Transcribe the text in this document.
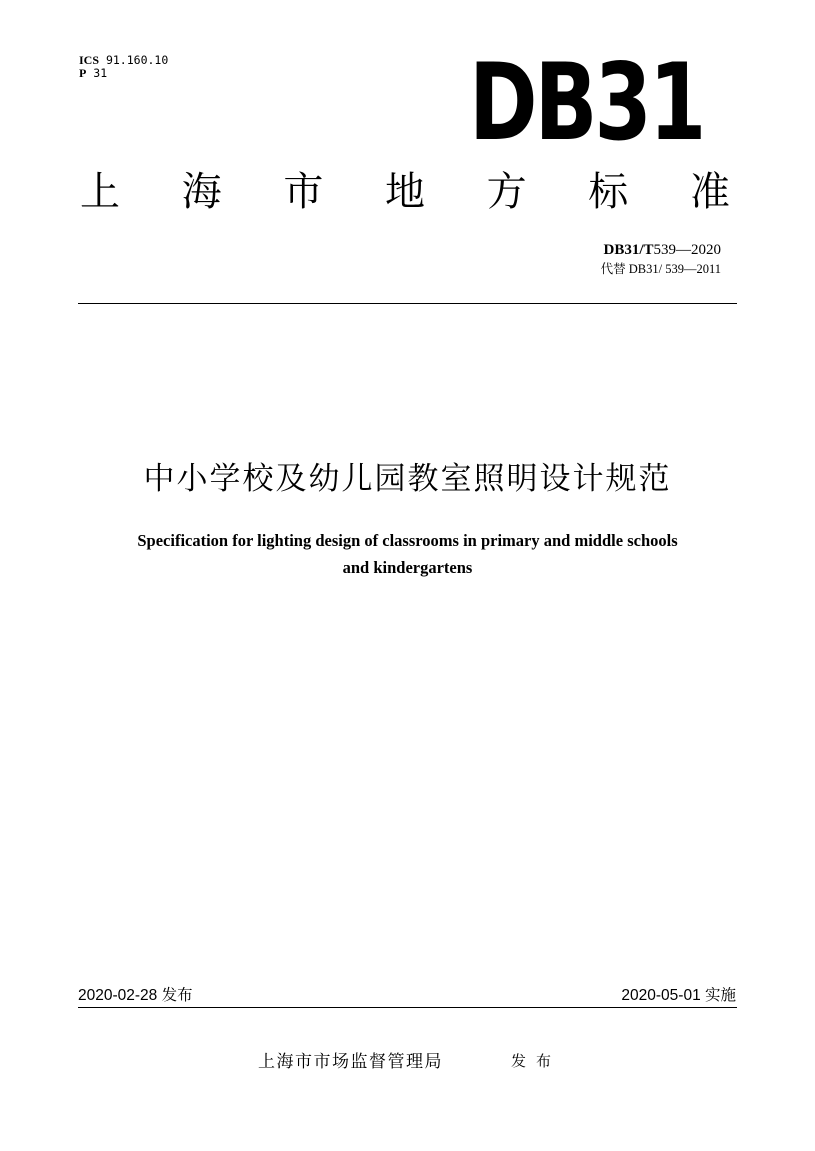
ICS 91.160.10
P 31	DB31
上 海 市 地 方 标 准
DB31/T539—2020
代替 DB31/ 539—2011
中小学校及幼儿园教室照明设计规范
Specification for lighting design of classrooms in primary and middle schools
and kindergartens
2020-02-28 发布	2020-05-01 实施
上海市市场监督管理局	发布
